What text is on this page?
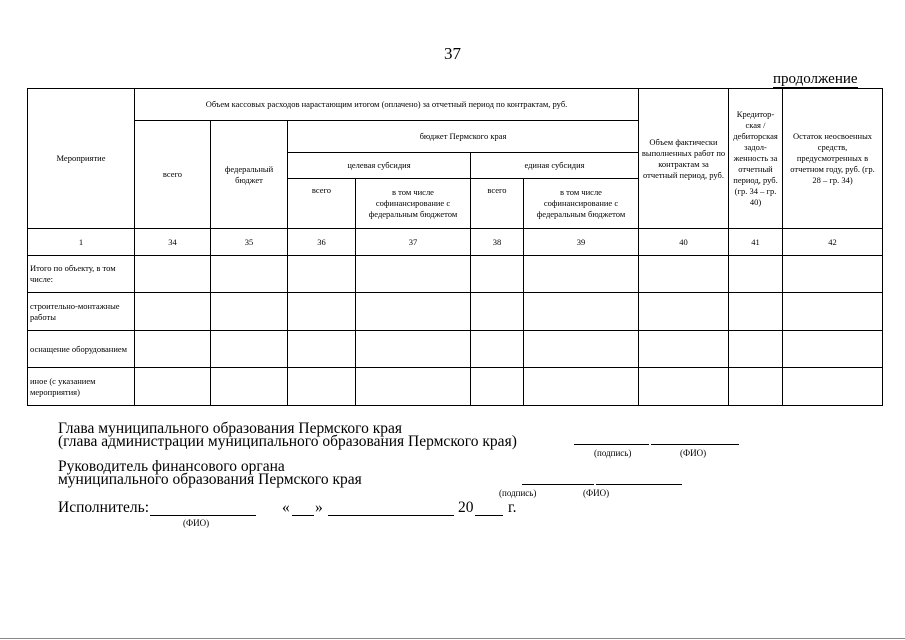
37
продолжение
Мероприятие	Объем кассовых расходов нарастающим итогом (оплачено) за отчетный период по контрактам, руб.						Объем фактически выполненных работ по контрактам за отчетный период, руб.	Кредитор-ская / дебиторская задол-женность за отчетный период, руб. (гр. 34 – гр. 40)	Остаток неосвоенных средств, предусмотренных в отчетном году, руб. (гр. 28 – гр. 34)
	всего	федеральный бюджет	бюджет Пермского края						
			целевая субсидия		единая субсидия				
			всего	в том числе софинансирование с федеральным бюджетом	всего	в том числе софинансирование с федеральным бюджетом			
1	34	35	36	37	38	39	40	41	42
Итого по объекту, в том числе:									
строительно-монтажные работы									
оснащение оборудованием									
иное (с указанием мероприятия)									
Глава муниципального образования Пермского края
(глава администрации муниципального образования Пермского края)
(подпись)	(ФИО)
Руководитель финансового органа
муниципального образования Пермского края
(подпись)	(ФИО)
Исполнитель:
(ФИО)
« »	20 г.
